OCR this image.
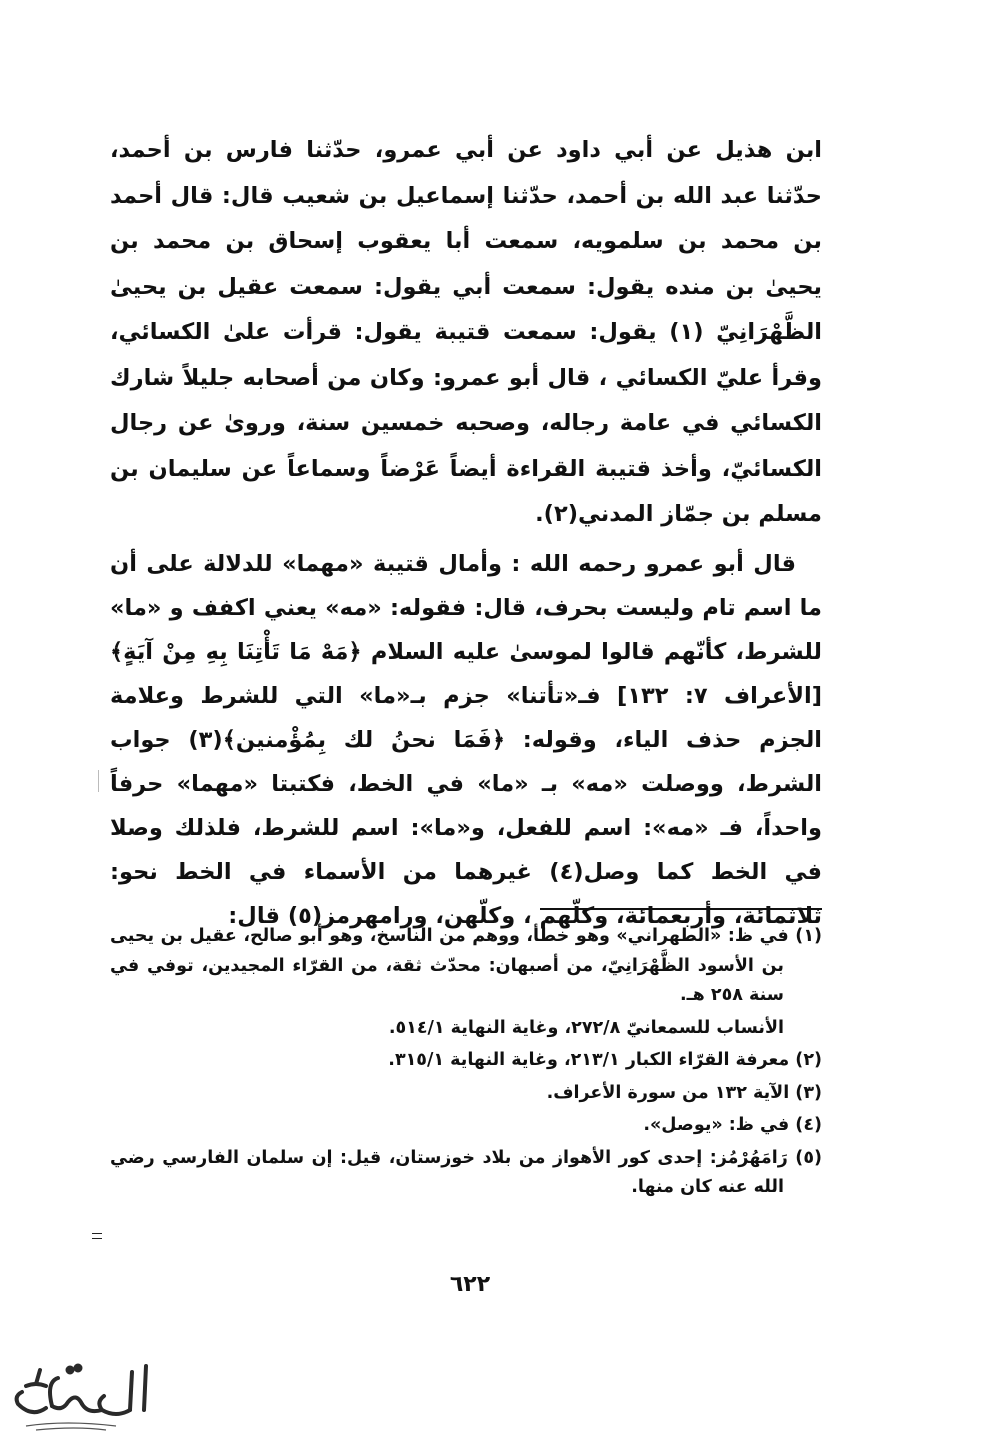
ابن هذيل عن أبي داود عن أبي عمرو، حدّثنا فارس بن أحمد، حدّثنا عبد الله بن أحمد، حدّثنا إسماعيل بن شعيب قال: قال أحمد بن محمد بن سلمويه، سمعت أبا يعقوب إسحاق بن محمد بن يحيىٰ بن منده يقول: سمعت أبي يقول: سمعت عقيل بن يحيىٰ الظَّهْرَانِيّ (١) يقول: سمعت قتيبة يقول: قرأت علىٰ الكسائي، وقرأ عليّ الكسائي ، قال أبو عمرو: وكان من أصحابه جليلاً شارك الكسائي في عامة رجاله، وصحبه خمسين سنة، وروىٰ عن رجال الكسائيّ، وأخذ قتيبة القراءة أيضاً عَرْضاً وسماعاً عن سليمان بن مسلم بن جمّاز المدني(٢).
قال أبو عمرو رحمه الله : وأمال قتيبة «مهما» للدلالة على أن ما اسم تام وليست بحرف، قال: فقوله: «مه» يعني اكفف و «ما» للشرط، كأنّهم قالوا لموسىٰ عليه السلام ﴿مَهْ مَا تَأْتِنَا بِهِ مِنْ آيَةٍ﴾ [الأعراف ٧: ١٣٢] فـ«تأتنا» جزم بـ«ما» التي للشرط وعلامة الجزم حذف الياء، وقوله: ﴿فَمَا نحنُ لك بِمُؤْمنين﴾(٣) جواب الشرط، ووصلت «مه» بـ «ما» في الخط، فكتبتا «مهما» حرفاً واحداً، فـ «مه»: اسم للفعل، و«ما»: اسم للشرط، فلذلك وصلا في الخط كما وصل(٤) غيرهما من الأسماء في الخط نحو: ثلاثمائة، وأربعمائة، وكلّهم ، وكلّهن، ورامهرمز(٥) قال:

(١) في ظ: «الطهراني» وهو خطأ، ووهم من الناسخ، وهو أبو صالح، عقيل بن يحيى بن الأسود الظَّهْرَانِيّ، من أصبهان: محدّث ثقة، من القرّاء المجيدين، توفي في سنة ٢٥٨ هـ.

الأنساب للسمعانيّ ٢٧٢/٨، وغاية النهاية ٥١٤/١.

(٢) معرفة القرّاء الكبار ٢١٣/١، وغاية النهاية ٣١٥/١.

(٣) الآية ١٣٢ من سورة الأعراف.

(٤) في ظ: «يوصل».

(٥) رَامَهُرْمُز: إحدى كور الأهواز من بلاد خوزستان، قيل: إن سلمان الفارسي رضي الله عنه كان منها.

٦٢٢
